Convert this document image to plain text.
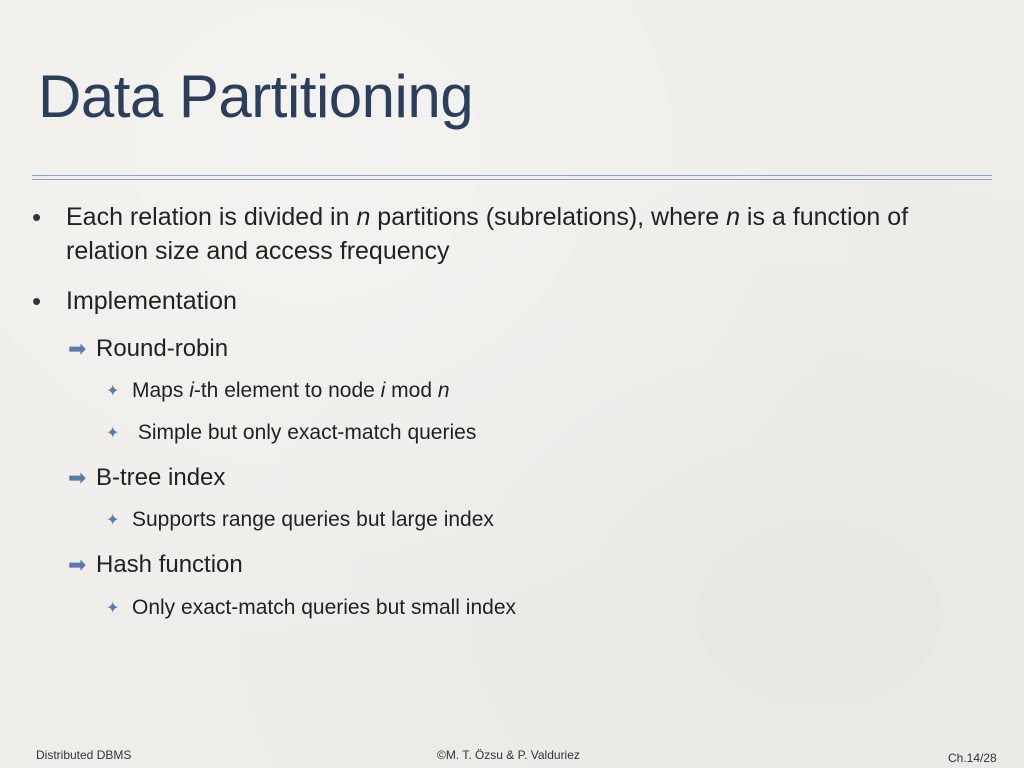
Data Partitioning
• Each relation is divided in n partitions (subrelations), where n is a function of relation size and access frequency
• Implementation
➡ Round-robin
✦ Maps i-th element to node i mod n
✦ Simple but only exact-match queries
➡ B-tree index
✦ Supports range queries but large index
➡ Hash function
✦ Only exact-match queries but small index
Distributed DBMS	©M. T. Özsu & P. Valduriez	Ch.14/28
